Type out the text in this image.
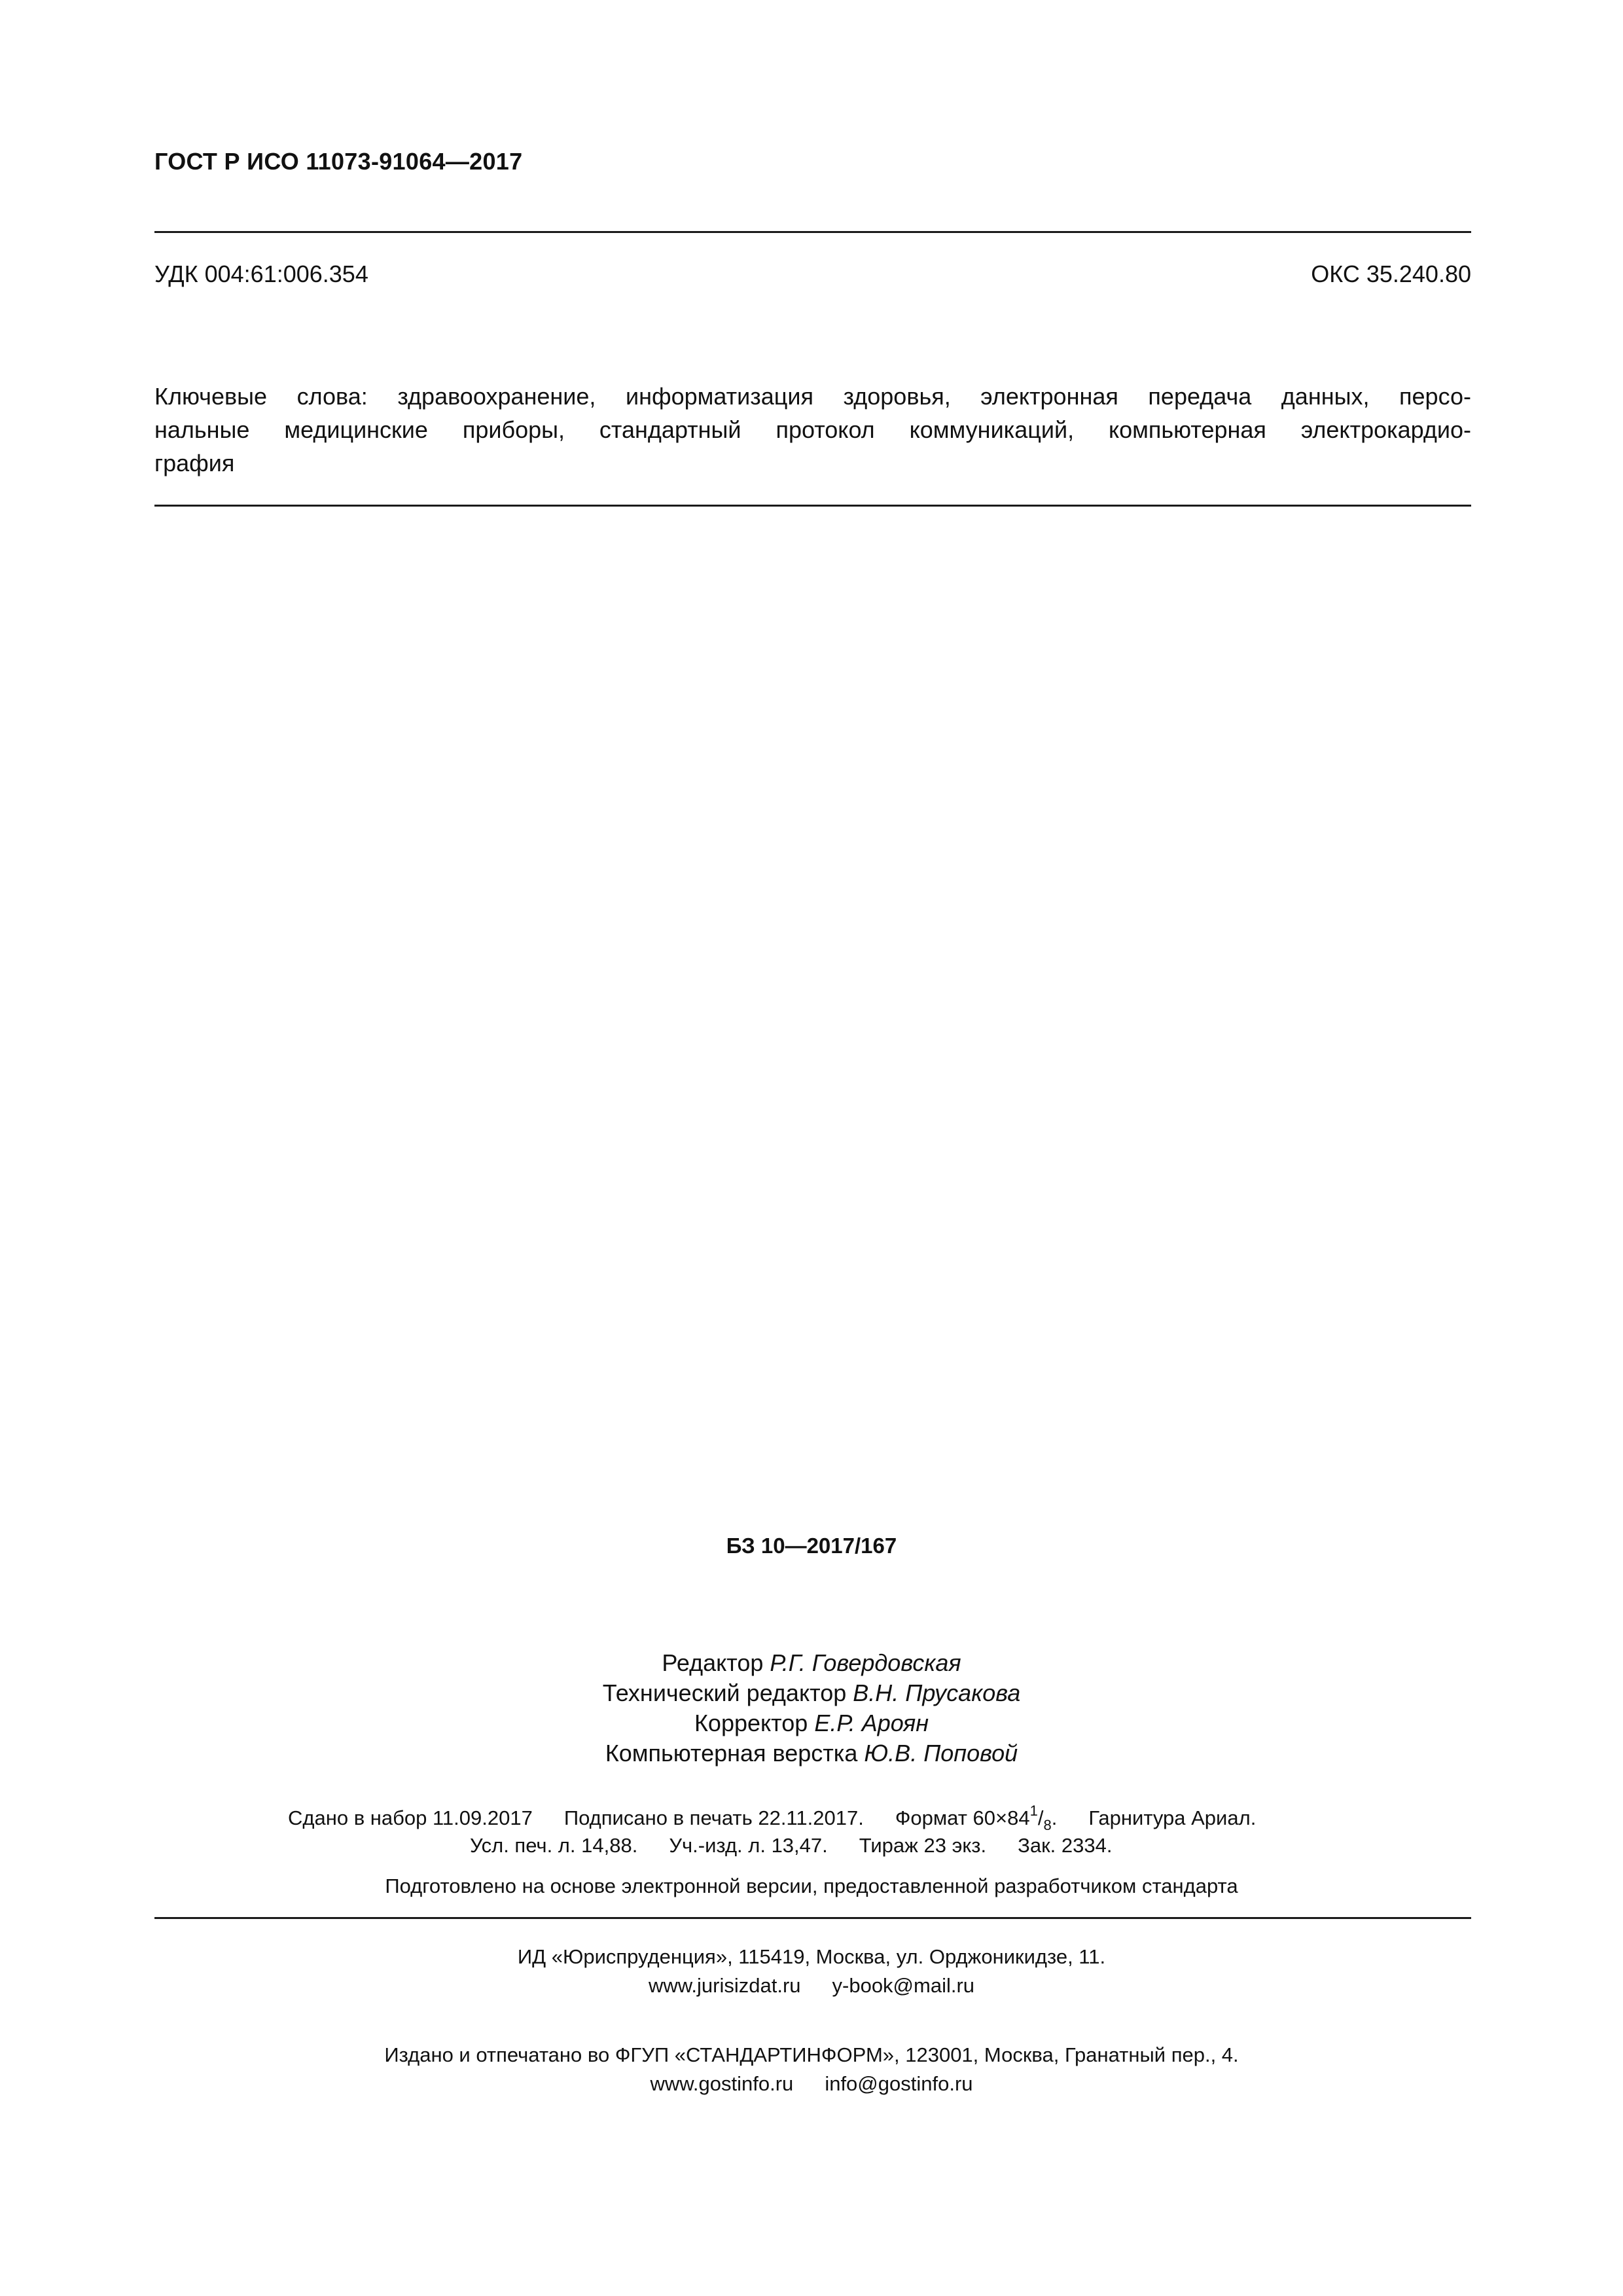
ГОСТ Р ИСО 11073-91064—2017
УДК 004:61:006.354	ОКС 35.240.80
Ключевые слова: здравоохранение, информатизация здоровья, электронная передача данных, персо-
нальные медицинские приборы, стандартный протокол коммуникаций, компьютерная электрокардио-
графия
БЗ 10—2017/167
Редактор Р.Г. Говердовская
Технический редактор В.Н. Прусакова
Корректор Е.Р. Ароян
Компьютерная верстка Ю.В. Поповой
Сдано в набор 11.09.2017 Подписано в печать 22.11.2017. Формат $60\times 84^1/_8$. Гарнитура Ариал.
Усл. печ. л. 14,88. Уч.-изд. л. 13,47. Тираж 23 экз. Зак. 2334.
Подготовлено на основе электронной версии, предоставленной разработчиком стандарта
ИД «Юриспруденция», 115419, Москва, ул. Орджоникидзе, 11.
www.jurisizdat.ru y-book@mail.ru
Издано и отпечатано во ФГУП «СТАНДАРТИНФОРМ», 123001, Москва, Гранатный пер., 4.
www.gostinfo.ru info@gostinfo.ru
